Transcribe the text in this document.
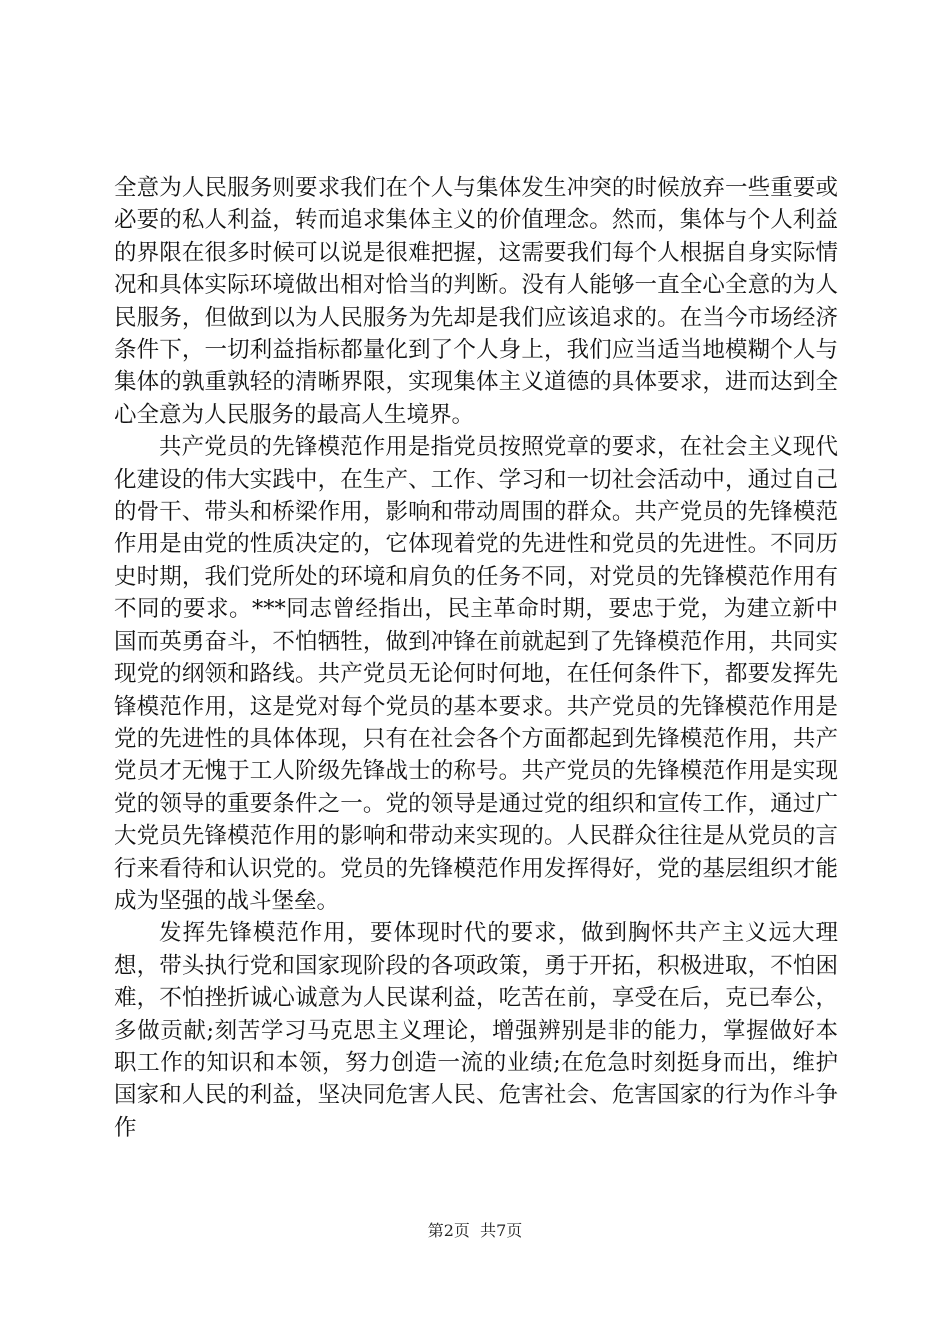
全意为人民服务则要求我们在个人与集体发生冲突的时候放弃一些重要或必要的私人利益，转而追求集体主义的价值理念。然而，集体与个人利益的界限在很多时候可以说是很难把握，这需要我们每个人根据自身实际情况和具体实际环境做出相对恰当的判断。没有人能够一直全心全意的为人民服务，但做到以为人民服务为先却是我们应该追求的。在当今市场经济条件下，一切利益指标都量化到了个人身上，我们应当适当地模糊个人与集体的孰重孰轻的清晰界限，实现集体主义道德的具体要求，进而达到全心全意为人民服务的最高人生境界。

共产党员的先锋模范作用是指党员按照党章的要求，在社会主义现代化建设的伟大实践中，在生产、工作、学习和一切社会活动中，通过自己的骨干、带头和桥梁作用，影响和带动周围的群众。共产党员的先锋模范作用是由党的性质决定的，它体现着党的先进性和党员的先进性。不同历史时期，我们党所处的环境和肩负的任务不同，对党员的先锋模范作用有不同的要求。***同志曾经指出，民主革命时期，要忠于党，为建立新中国而英勇奋斗，不怕牺牲，做到冲锋在前就起到了先锋模范作用，共同实现党的纲领和路线。共产党员无论何时何地，在任何条件下，都要发挥先锋模范作用，这是党对每个党员的基本要求。共产党员的先锋模范作用是党的先进性的具体体现，只有在社会各个方面都起到先锋模范作用，共产党员才无愧于工人阶级先锋战士的称号。共产党员的先锋模范作用是实现党的领导的重要条件之一。党的领导是通过党的组织和宣传工作，通过广大党员先锋模范作用的影响和带动来实现的。人民群众往往是从党员的言行来看待和认识党的。党员的先锋模范作用发挥得好，党的基层组织才能成为坚强的战斗堡垒。

发挥先锋模范作用，要体现时代的要求，做到胸怀共产主义远大理想，带头执行党和国家现阶段的各项政策，勇于开拓，积极进取，不怕困难，不怕挫折诚心诚意为人民谋利益，吃苦在前，享受在后，克已奉公，多做贡献;刻苦学习马克思主义理论，增强辨别是非的能力，掌握做好本职工作的知识和本领，努力创造一流的业绩;在危急时刻挺身而出，维护国家和人民的利益，坚决同危害人民、危害社会、危害国家的行为作斗争作

第2页  共7页
